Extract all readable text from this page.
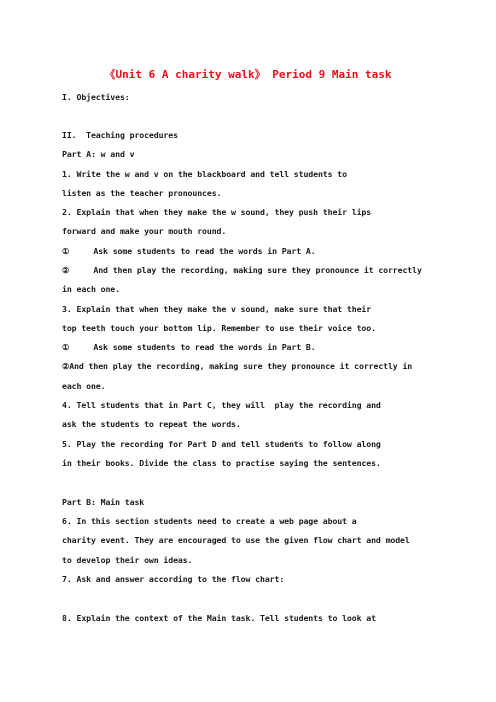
《Unit 6 A charity walk》 Period 9 Main task
I. Objectives:
II.  Teaching procedures
Part A: w and v
1. Write the w and v on the blackboard and tell students to
listen as the teacher pronounces.
2. Explain that when they make the w sound, they push their lips
forward and make your mouth round.
①     Ask some students to read the words in Part A.
②     And then play the recording, making sure they pronounce it correctly
in each one.
3. Explain that when they make the v sound, make sure that their
top teeth touch your bottom lip. Remember to use their voice too.
①     Ask some students to read the words in Part B.
②And then play the recording, making sure they pronounce it correctly in
each one.
4. Tell students that in Part C, they will  play the recording and
ask the students to repeat the words.
5. Play the recording for Part D and tell students to follow along
in their books. Divide the class to practise saying the sentences.
Part B: Main task
6. In this section students need to create a web page about a
charity event. They are encouraged to use the given flow chart and model
to develop their own ideas.
7. Ask and answer according to the flow chart:
8. Explain the context of the Main task. Tell students to look at
